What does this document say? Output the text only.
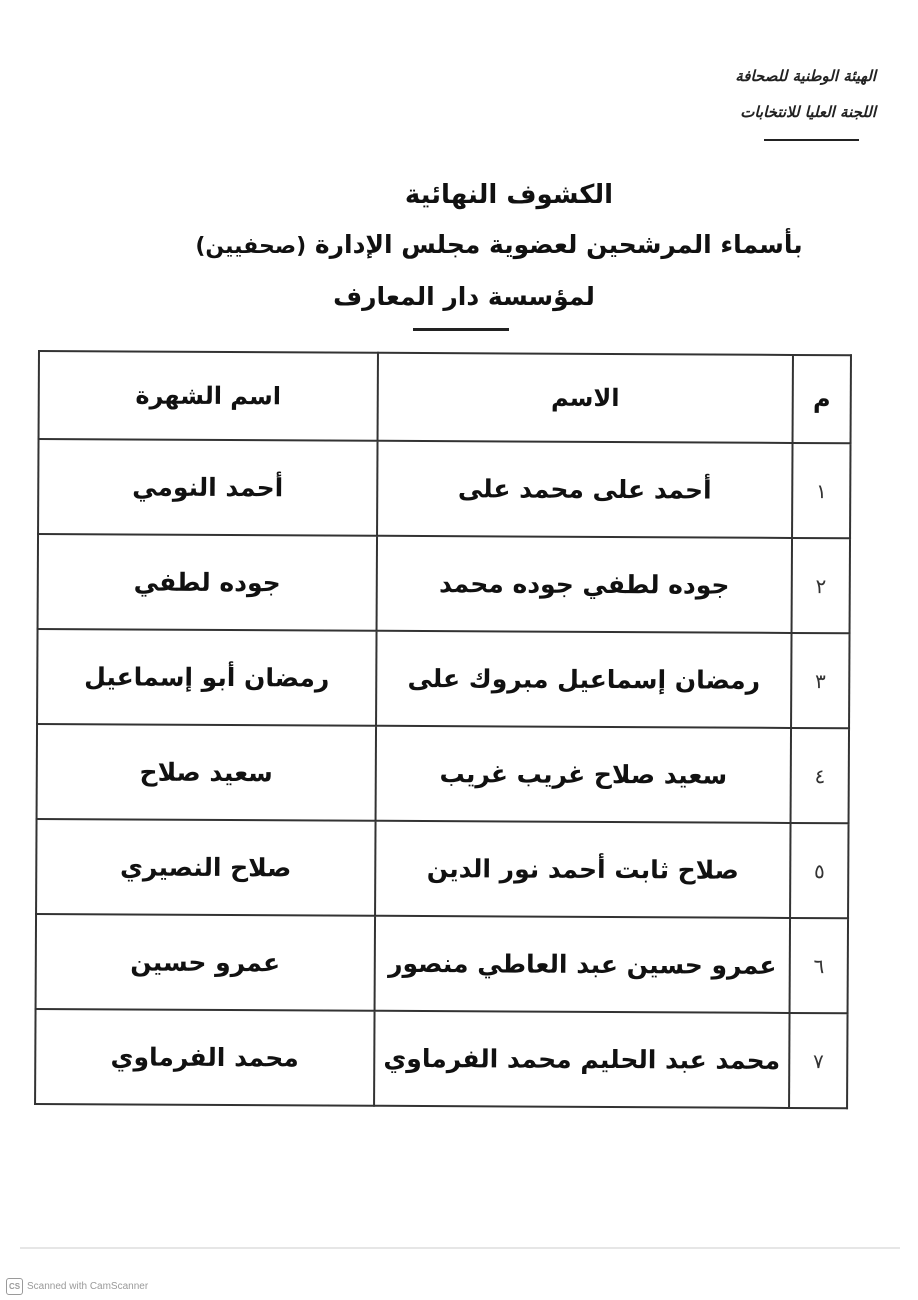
الهيئة الوطنية للصحافة
اللجنة العليا للانتخابات
الكشوف النهائية
بأسماء المرشحين لعضوية مجلس الإدارة (صحفيين)
لمؤسسة دار المعارف
م	الاسم	اسم الشهرة
١	أحمد على محمد على	أحمد النومي
٢	جوده لطفي جوده محمد	جوده لطفي
٣	رمضان إسماعيل مبروك على	رمضان أبو إسماعيل
٤	سعيد صلاح غريب غريب	سعيد صلاح
٥	صلاح ثابت أحمد نور الدين	صلاح النصيري
٦	عمرو حسين عبد العاطي منصور	عمرو حسين
٧	محمد عبد الحليم محمد الفرماوي	محمد الفرماوي
CS Scanned with CamScanner
